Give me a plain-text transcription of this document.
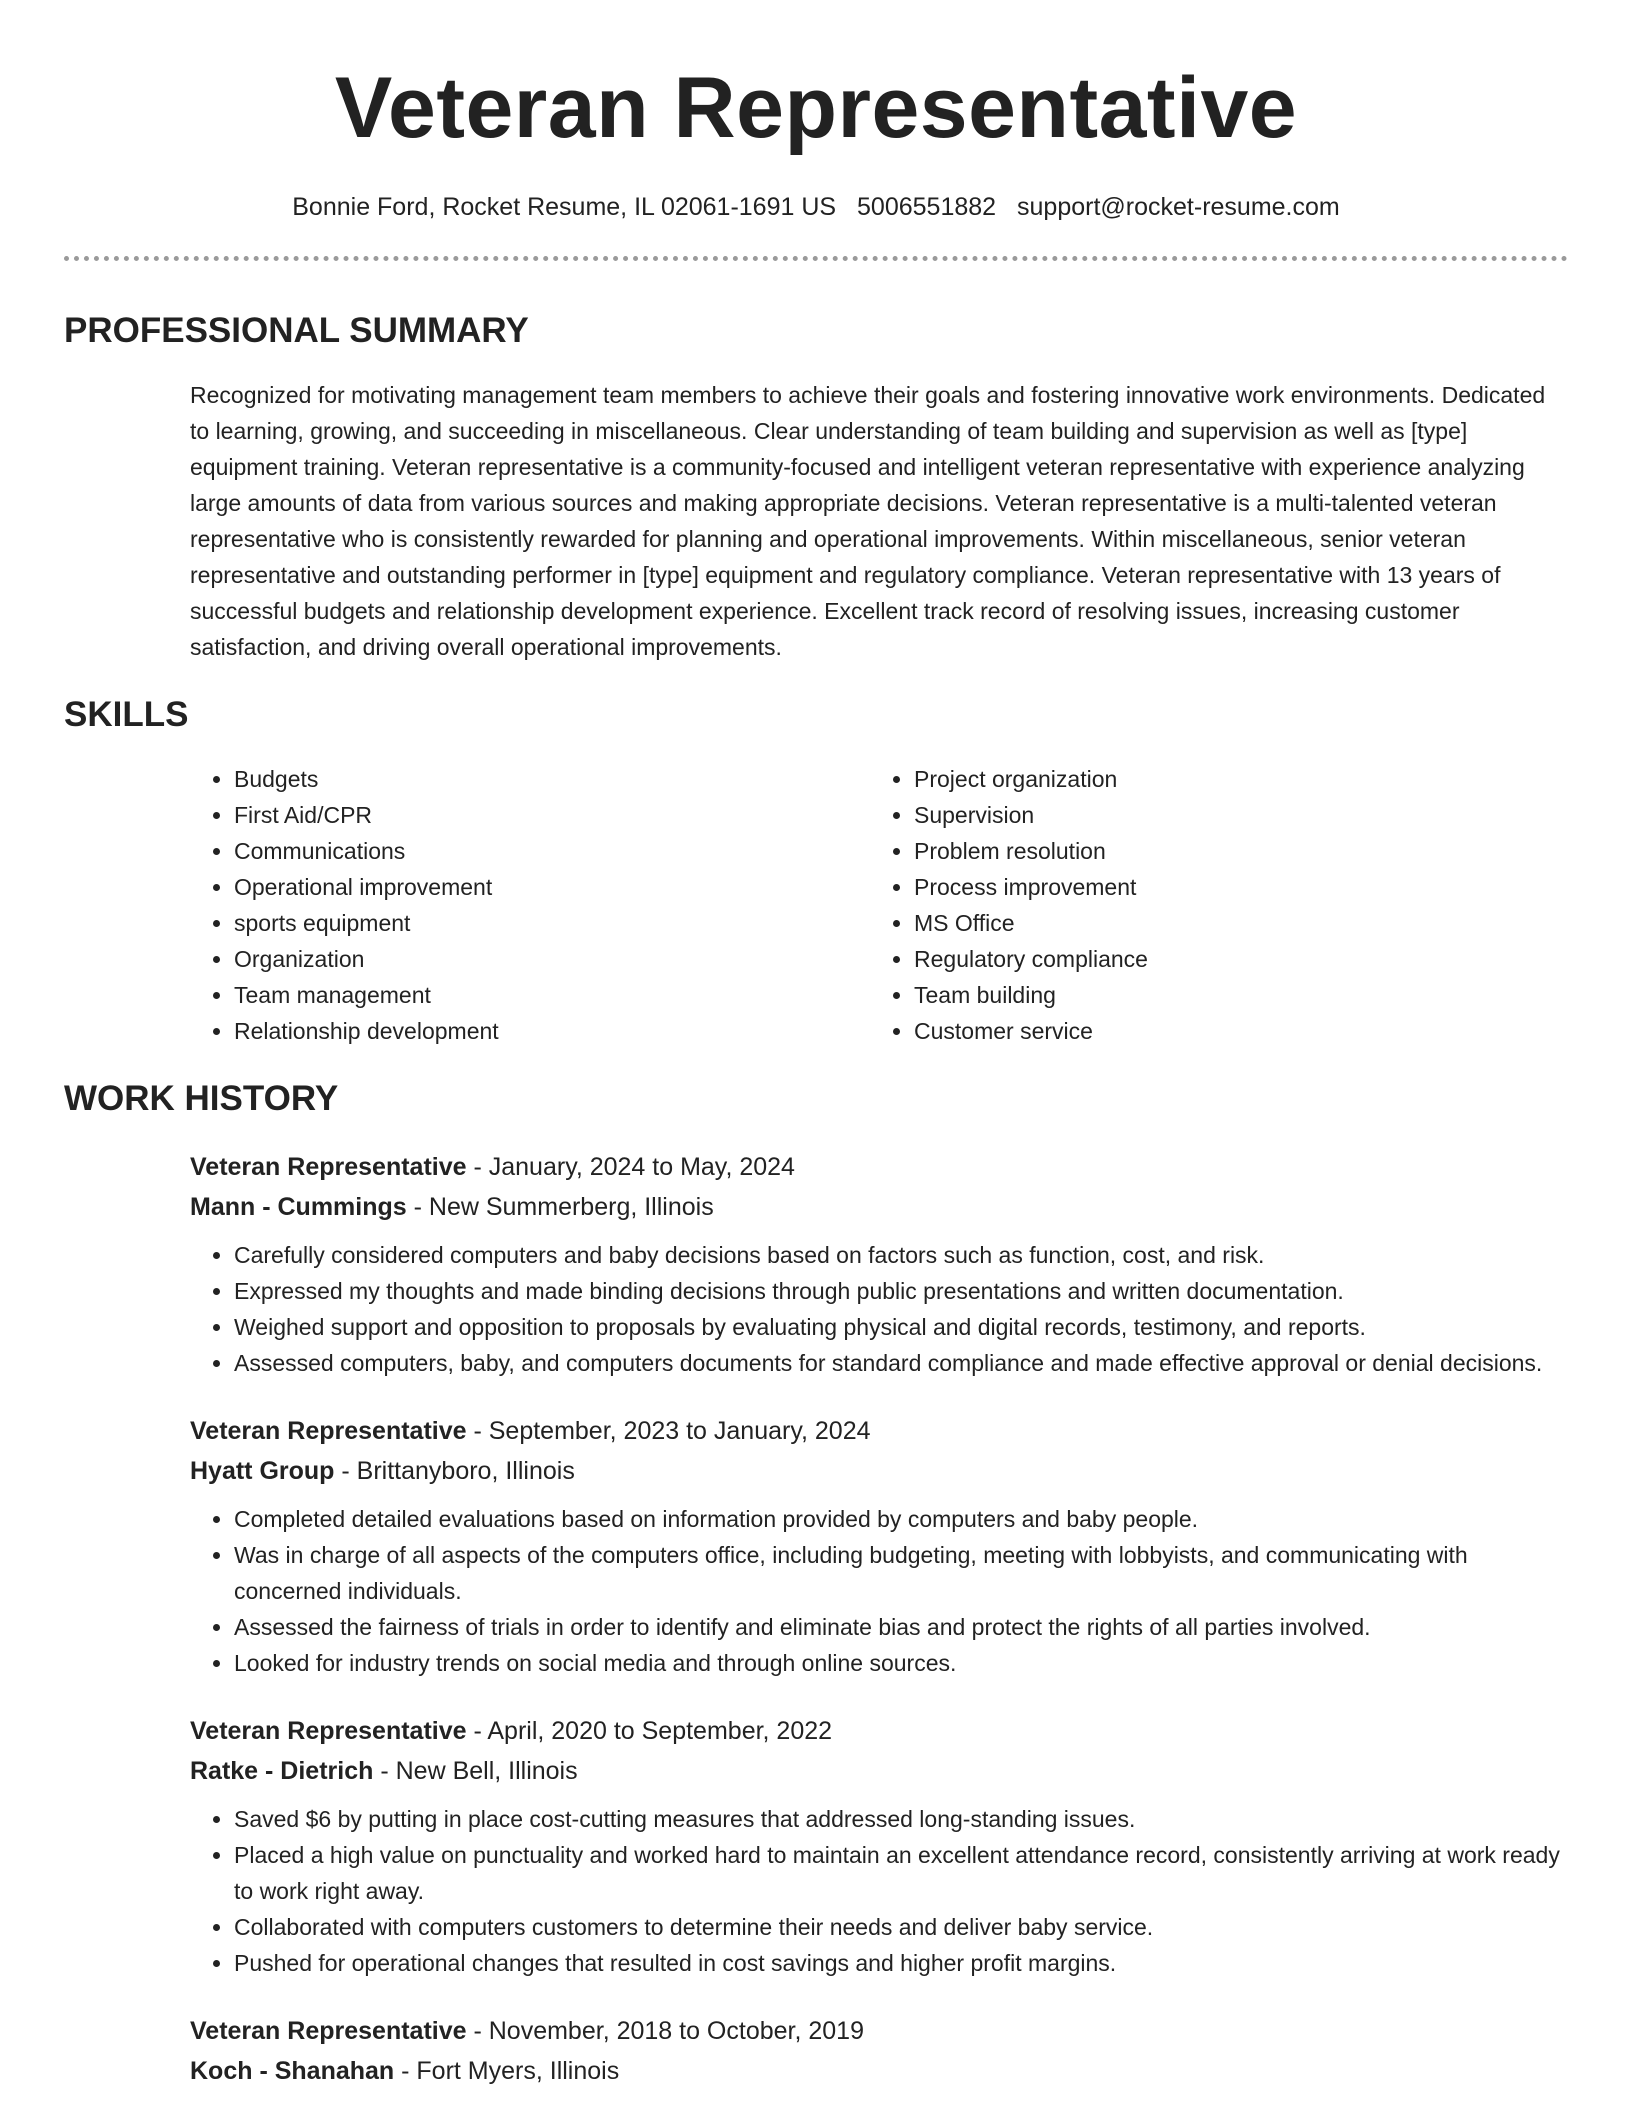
Veteran Representative
Bonnie Ford, Rocket Resume, IL 02061-1691 US 5006551882 support@rocket-resume.com
PROFESSIONAL SUMMARY
Recognized for motivating management team members to achieve their goals and fostering innovative work environments. Dedicated to learning, growing, and succeeding in miscellaneous. Clear understanding of team building and supervision as well as [type] equipment training. Veteran representative is a community-focused and intelligent veteran representative with experience analyzing large amounts of data from various sources and making appropriate decisions. Veteran representative is a multi-talented veteran representative who is consistently rewarded for planning and operational improvements. Within miscellaneous, senior veteran representative and outstanding performer in [type] equipment and regulatory compliance. Veteran representative with 13 years of successful budgets and relationship development experience. Excellent track record of resolving issues, increasing customer satisfaction, and driving overall operational improvements.
SKILLS
• Budgets
• First Aid/CPR
• Communications
• Operational improvement
• sports equipment
• Organization
• Team management
• Relationship development
• Project organization
• Supervision
• Problem resolution
• Process improvement
• MS Office
• Regulatory compliance
• Team building
• Customer service
WORK HISTORY
Veteran Representative - January, 2024 to May, 2024
Mann - Cummings - New Summerberg, Illinois
• Carefully considered computers and baby decisions based on factors such as function, cost, and risk.
• Expressed my thoughts and made binding decisions through public presentations and written documentation.
• Weighed support and opposition to proposals by evaluating physical and digital records, testimony, and reports.
• Assessed computers, baby, and computers documents for standard compliance and made effective approval or denial decisions.
Veteran Representative - September, 2023 to January, 2024
Hyatt Group - Brittanyboro, Illinois
• Completed detailed evaluations based on information provided by computers and baby people.
• Was in charge of all aspects of the computers office, including budgeting, meeting with lobbyists, and communicating with concerned individuals.
• Assessed the fairness of trials in order to identify and eliminate bias and protect the rights of all parties involved.
• Looked for industry trends on social media and through online sources.
Veteran Representative - April, 2020 to September, 2022
Ratke - Dietrich - New Bell, Illinois
• Saved $6 by putting in place cost-cutting measures that addressed long-standing issues.
• Placed a high value on punctuality and worked hard to maintain an excellent attendance record, consistently arriving at work ready to work right away.
• Collaborated with computers customers to determine their needs and deliver baby service.
• Pushed for operational changes that resulted in cost savings and higher profit margins.
Veteran Representative - November, 2018 to October, 2019
Koch - Shanahan - Fort Myers, Illinois
